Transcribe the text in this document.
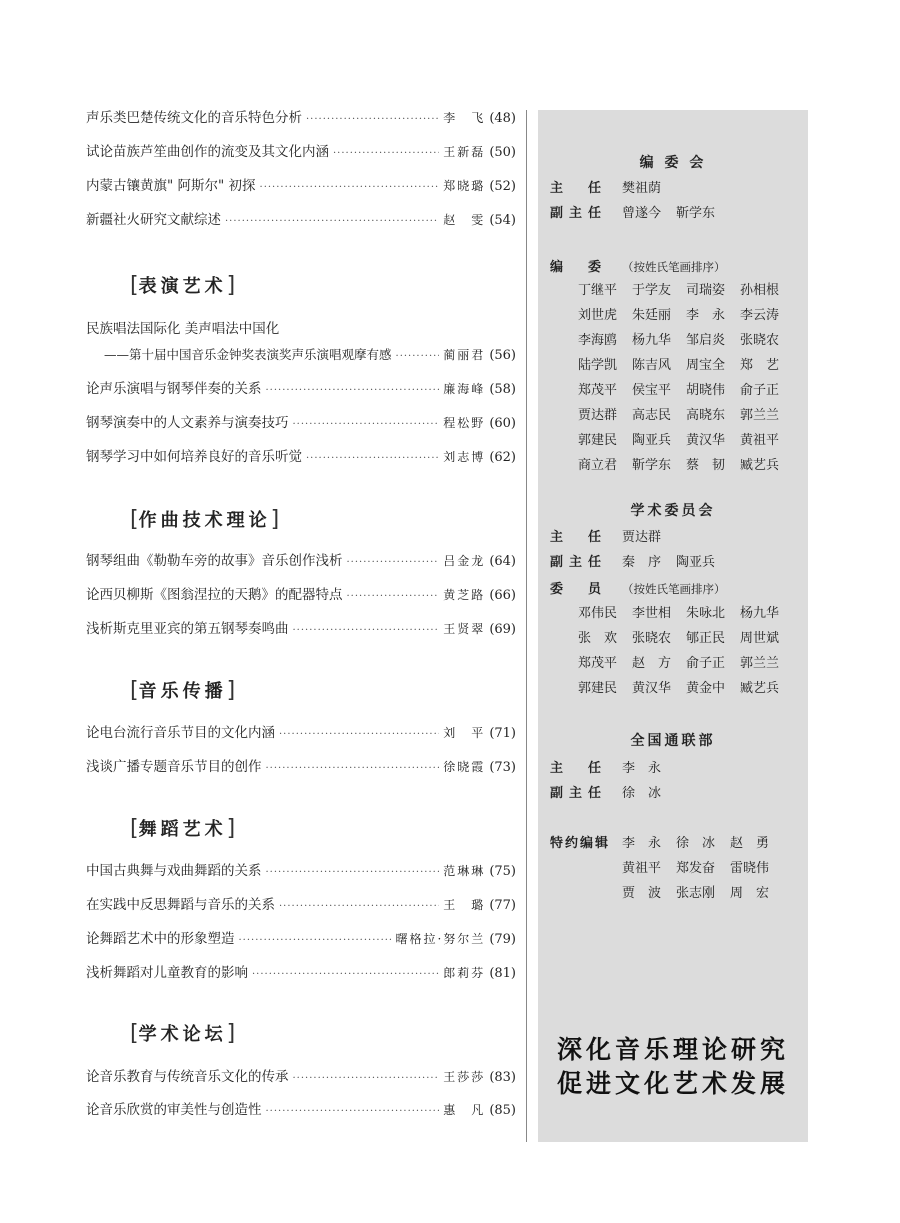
声乐类巴楚传统文化的音乐特色分析 ·····	李　飞 (48)
试论苗族芦笙曲创作的流变及其文化内涵 ·····	王新磊 (50)
内蒙古镶黄旗" 阿斯尔" 初探 ·····	郑晓璐 (52)
新疆社火研究文献综述 ·····	赵　雯 (54)
[表演艺术]
民族唱法国际化 美声唱法中国化
——第十届中国音乐金钟奖表演奖声乐演唱观摩有感 ·····	蔺丽君 (56)
论声乐演唱与钢琴伴奏的关系 ·····	廉海峰 (58)
钢琴演奏中的人文素养与演奏技巧 ·····	程松野 (60)
钢琴学习中如何培养良好的音乐听觉 ·····	刘志博 (62)
[作曲技术理论]
钢琴组曲《勒勒车旁的故事》音乐创作浅析 ·····	吕金龙 (64)
论西贝柳斯《图翁涅拉的天鹅》的配器特点 ·····	黄芝路 (66)
浅析斯克里亚宾的第五钢琴奏鸣曲 ·····	王贤翠 (69)
[音乐传播]
论电台流行音乐节目的文化内涵 ·····	刘　平 (71)
浅谈广播专题音乐节目的创作 ·····	徐晓霞 (73)
[舞蹈艺术]
中国古典舞与戏曲舞蹈的关系 ·····	范琳琳 (75)
在实践中反思舞蹈与音乐的关系 ·····	王　璐 (77)
论舞蹈艺术中的形象塑造 ·····	曙格拉·努尔兰 (79)
浅析舞蹈对儿童教育的影响 ·····	郎莉芬 (81)
[学术论坛]
论音乐教育与传统音乐文化的传承 ·····	王莎莎 (83)
论音乐欣赏的审美性与创造性 ·····	惠　凡 (85)
编 委 会
主　任 樊祖荫
副主任 曾遂今 靳学东
编　委 （按姓氏笔画排序）
丁继平 于学友 司瑞姿 孙相根
刘世虎 朱廷丽 李　永 李云涛
李海鸥 杨九华 邹启炎 张晓农
陆学凯 陈吉风 周宝全 郑　艺
郑茂平 侯宝平 胡晓伟 俞子正
贾达群 高志民 高晓东 郭兰兰
郭建民 陶亚兵 黄汉华 黄祖平
商立君 靳学东 蔡　韧 臧艺兵
学术委员会
主　任 贾达群
副主任 秦　序 陶亚兵
委　员 （按姓氏笔画排序）
邓伟民 李世相 朱咏北 杨九华
张　欢 张晓农 郇正民 周世斌
郑茂平 赵　方 俞子正 郭兰兰
郭建民 黄汉华 黄金中 臧艺兵
全国通联部
主　任 李　永
副主任 徐　冰
特约编辑 李　永 徐　冰 赵　勇
黄祖平 郑发奋 雷晓伟
贾　波 张志刚 周　宏
深化音乐理论研究
促进文化艺术发展
